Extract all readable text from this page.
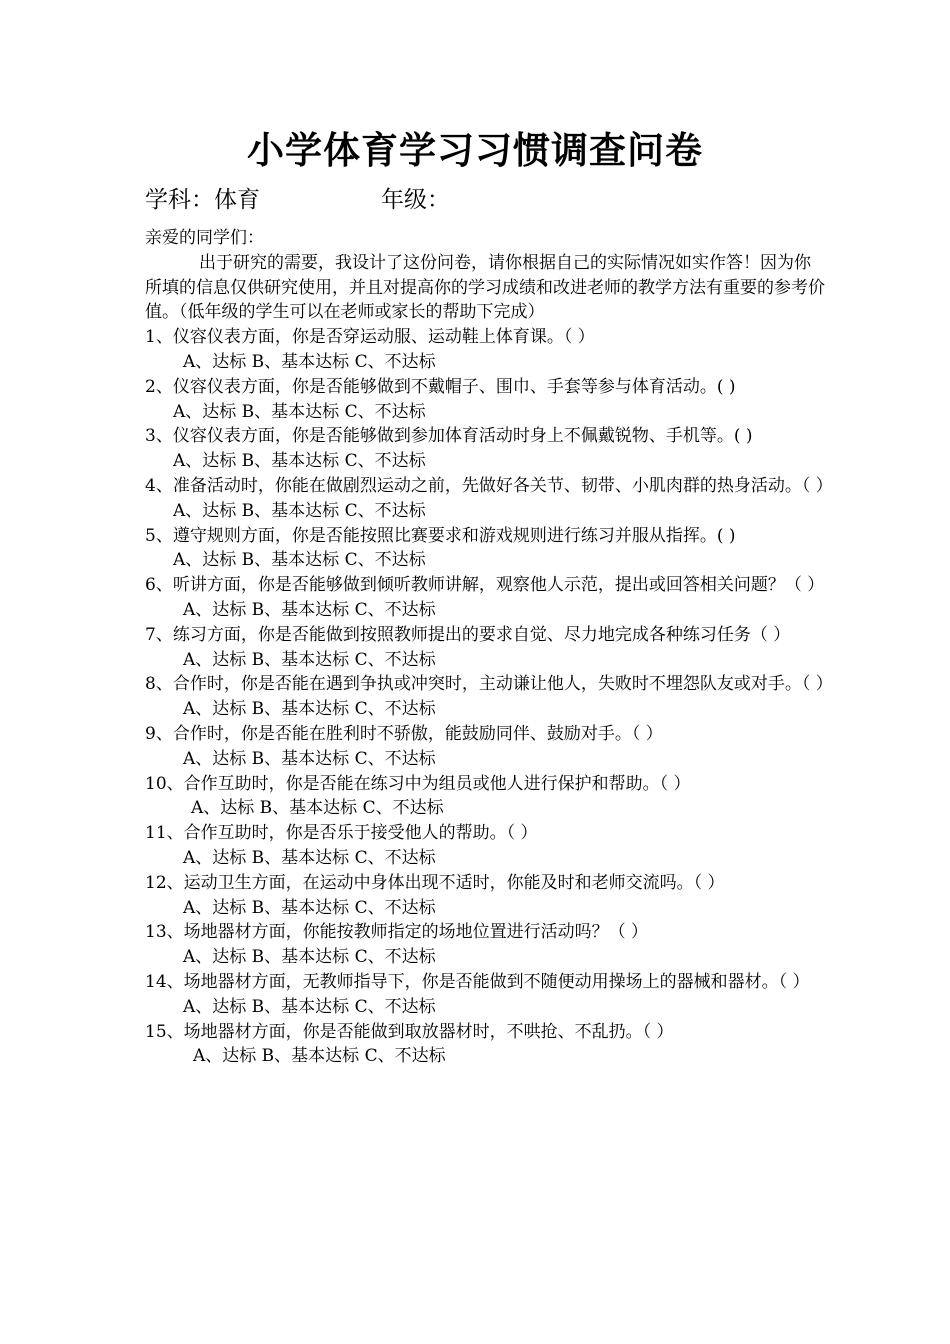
小学体育学习习惯调查问卷
学科：体育	年级：
亲爱的同学们：
出于研究的需要，我设计了这份问卷，请你根据自己的实际情况如实作答！因为你所填的信息仅供研究使用，并且对提高你的学习成绩和改进老师的教学方法有重要的参考价值。（低年级的学生可以在老师或家长的帮助下完成）
1、仪容仪表方面，你是否穿运动服、运动鞋上体育课。（ ）
A、达标 B、基本达标 C、不达标
2、仪容仪表方面，你是否能够做到不戴帽子、围巾、手套等参与体育活动。( )
A、达标 B、基本达标 C、不达标
3、仪容仪表方面，你是否能够做到参加体育活动时身上不佩戴锐物、手机等。( )
A、达标 B、基本达标 C、不达标
4、准备活动时，你能在做剧烈运动之前，先做好各关节、韧带、小肌肉群的热身活动。（ ）
A、达标 B、基本达标 C、不达标
5、遵守规则方面，你是否能按照比赛要求和游戏规则进行练习并服从指挥。( )
A、达标 B、基本达标 C、不达标
6、听讲方面，你是否能够做到倾听教师讲解，观察他人示范，提出或回答相关问题？（ ）
A、达标 B、基本达标 C、不达标
7、练习方面，你是否能做到按照教师提出的要求自觉、尽力地完成各种练习任务（ ）
A、达标 B、基本达标 C、不达标
8、合作时，你是否能在遇到争执或冲突时，主动谦让他人，失败时不埋怨队友或对手。（ ）
A、达标 B、基本达标 C、不达标
9、合作时，你是否能在胜利时不骄傲，能鼓励同伴、鼓励对手。（ ）
A、达标 B、基本达标 C、不达标
10、合作互助时，你是否能在练习中为组员或他人进行保护和帮助。（ ）
A、达标 B、基本达标 C、不达标
11、合作互助时，你是否乐于接受他人的帮助。（ ）
A、达标 B、基本达标 C、不达标
12、运动卫生方面，在运动中身体出现不适时，你能及时和老师交流吗。（ ）
A、达标 B、基本达标 C、不达标
13、场地器材方面，你能按教师指定的场地位置进行活动吗？（ ）
A、达标 B、基本达标 C、不达标
14、场地器材方面，无教师指导下，你是否能做到不随便动用操场上的器械和器材。（ ）
A、达标 B、基本达标 C、不达标
15、场地器材方面，你是否能做到取放器材时，不哄抢、不乱扔。（ ）
A、达标 B、基本达标 C、不达标
